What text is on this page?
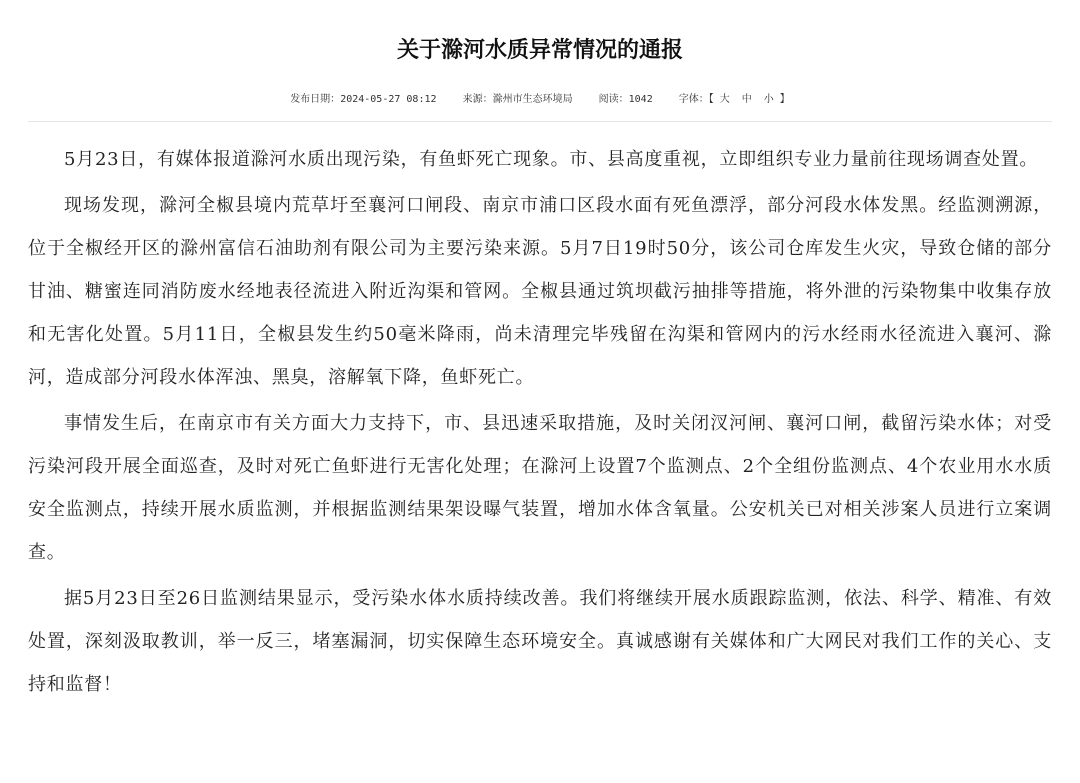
关于滁河水质异常情况的通报
发布日期：2024-05-27 08:12	来源：滁州市生态环境局	阅读：1042	字体：【 大 中 小 】

5月23日，有媒体报道滁河水质出现污染，有鱼虾死亡现象。市、县高度重视，立即组织专业力量前往现场调查处置。

现场发现，滁河全椒县境内荒草圩至襄河口闸段、南京市浦口区段水面有死鱼漂浮，部分河段水体发黑。经监测溯源，位于全椒经开区的滁州富信石油助剂有限公司为主要污染来源。5月7日19时50分，该公司仓库发生火灾，导致仓储的部分甘油、糖蜜连同消防废水经地表径流进入附近沟渠和管网。全椒县通过筑坝截污抽排等措施，将外泄的污染物集中收集存放和无害化处置。5月11日，全椒县发生约50毫米降雨，尚未清理完毕残留在沟渠和管网内的污水经雨水径流进入襄河、滁河，造成部分河段水体浑浊、黑臭，溶解氧下降，鱼虾死亡。

事情发生后，在南京市有关方面大力支持下，市、县迅速采取措施，及时关闭汊河闸、襄河口闸，截留污染水体；对受污染河段开展全面巡查，及时对死亡鱼虾进行无害化处理；在滁河上设置7个监测点、2个全组份监测点、4个农业用水水质安全监测点，持续开展水质监测，并根据监测结果架设曝气装置，增加水体含氧量。公安机关已对相关涉案人员进行立案调查。

据5月23日至26日监测结果显示，受污染水体水质持续改善。我们将继续开展水质跟踪监测，依法、科学、精准、有效处置，深刻汲取教训，举一反三，堵塞漏洞，切实保障生态环境安全。真诚感谢有关媒体和广大网民对我们工作的关心、支持和监督！
